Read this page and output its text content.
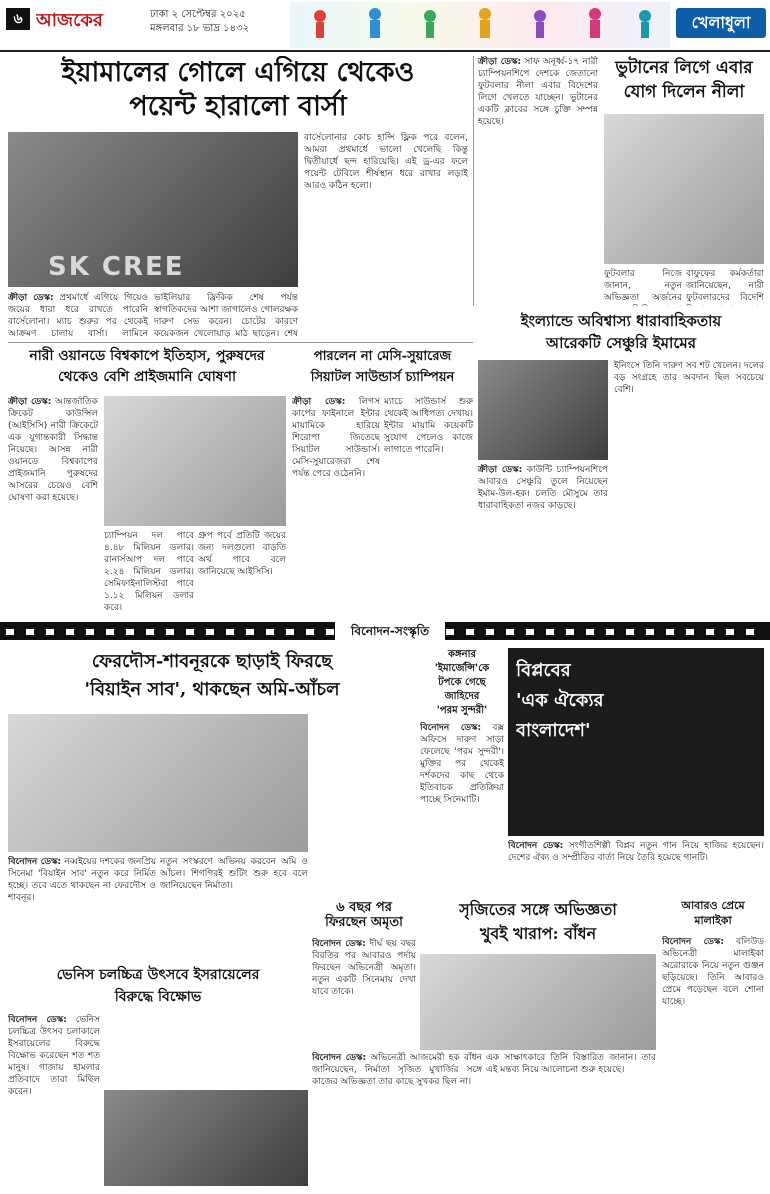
৬ আজকের	ঢাকা ২ সেপ্টেম্বর ২০২৫
মঙ্গলবার ১৮ ভাদ্র ১৪৩২	খেলাধুলা
ইয়ামালের গোলে এগিয়ে থেকেও
পয়েন্ট হারালো বার্সা
SK CREE
ক্রীড়া ডেস্ক: প্রথমার্ধে এগিয়ে গিয়েও জয়ের ধারা ধরে রাখতে পারেনি বার্সেলোনা। ম্যাচ শুরুর পর থেকেই আক্রমণ চালায় বার্সা। লামিনে
ভাইলিয়ার ফ্রিকিক শেষ পর্যন্ত স্বাগতিকদের আশা জাগালেও গোলরক্ষক দারুণ সেভ করেন। চোটের কারণে কয়েকজন খেলোয়াড় মাঠ ছাড়েন। শেষ
বার্সেলোনার কোচ হান্সি ফ্লিক পরে বলেন, আমরা প্রথমার্ধে ভালো খেলেছি কিন্তু দ্বিতীয়ার্ধে ছন্দ হারিয়েছি। এই ড্র-এর ফলে পয়েন্ট টেবিলে শীর্ষস্থান ধরে রাখার লড়াই আরও কঠিন হলো।
ক্রীড়া ডেস্ক: সাফ অনূর্ধ্ব-১৭ নারী চ্যাম্পিয়নশিপে দেশকে জেতানো ফুটবলার নীলা এবার বিদেশের লিগে খেলতে যাচ্ছেন। ভুটানের একটি ক্লাবের সঙ্গে চুক্তি সম্পন্ন হয়েছে।
ভুটানের লিগে এবার
যোগ দিলেন নীলা
ফুটবলার নিজে জানান, নতুন অভিজ্ঞতা অর্জনের
বাফুফের কর্মকর্তারা জানিয়েছেন, নারী ফুটবলারদের বিদেশি
ইংল্যান্ডে অবিশ্বাস্য ধারাবাহিকতায়
আরেকটি সেঞ্চুরি ইমামের
ক্রীড়া ডেস্ক: কাউন্টি চ্যাম্পিয়নশিপে আবারও সেঞ্চুরি তুলে নিয়েছেন ইমাম-উল-হক। চলতি মৌসুমে তার ধারাবাহিকতা নজর কাড়ছে।
ইনিংসে তিনি দারুণ সব শট খেলেন। দলের বড় সংগ্রহে তার অবদান ছিল সবচেয়ে বেশি।
নারী ওয়ানডে বিশ্বকাপে ইতিহাস, পুরুষদের
থেকেও বেশি প্রাইজমানি ঘোষণা
ক্রীড়া ডেস্ক: আন্তর্জাতিক ক্রিকেট কাউন্সিল (আইসিসি) নারী ক্রিকেটে এক যুগান্তকারী সিদ্ধান্ত নিয়েছে। আসন্ন নারী ওয়ানডে বিশ্বকাপের প্রাইজমানি পুরুষদের আসরের চেয়েও বেশি ঘোষণা করা হয়েছে।
চ্যাম্পিয়ন দল পাবে ৪.৪৮ মিলিয়ন ডলার। রানার্সআপ দল পাবে ২.২৪ মিলিয়ন ডলার। সেমিফাইনালিস্টরা পাবে ১.১২ মিলিয়ন ডলার করে।
গ্রুপ পর্বে প্রতিটি জয়ের জন্য দলগুলো বাড়তি অর্থ পাবে বলে জানিয়েছে আইসিসি।
পারলেন না মেসি-সুয়ারেজ
সিয়াটল সাউন্ডার্স চ্যাম্পিয়ন
ক্রীড়া ডেস্ক: লিগস কাপের ফাইনালে ইন্টার মায়ামিকে হারিয়ে শিরোপা জিতেছে সিয়াটল সাউন্ডার্স। মেসি-সুয়ারেজরা শেষ পর্যন্ত পেরে ওঠেননি।
ম্যাচে সাউন্ডার্স শুরু থেকেই আধিপত্য দেখায়। ইন্টার মায়ামি কয়েকটি সুযোগ পেলেও কাজে লাগাতে পারেনি।
বিনোদন-সংস্কৃতি
ফেরদৌস-শাবনূরকে ছাড়াই ফিরছে
'বিয়াইন সাব', থাকছেন অমি-আঁচল
বিনোদন ডেস্ক: নব্বইয়ের দশকের জনপ্রিয় সিনেমা 'বিয়াইন সাব' নতুন করে নির্মিত হচ্ছে। তবে এতে থাকছেন না ফেরদৌস ও শাবনূর।
নতুন সংস্করণে অভিনয় করবেন অমি ও আঁচল। শিগগিরই শুটিং শুরু হবে বলে জানিয়েছেন নির্মাতা।
কঙ্গনার 'ইমার্জেন্সি'কে
টপকে গেছে জাহিদের
'পরম সুন্দরী'
বিনোদন ডেস্ক: বক্স অফিসে দারুণ সাড়া ফেলেছে 'পরম সুন্দরী'। মুক্তির পর থেকেই দর্শকদের কাছ থেকে ইতিবাচক প্রতিক্রিয়া পাচ্ছে সিনেমাটি।
বিপ্লবের
'এক ঐক্যের
বাংলাদেশ'
বিনোদন ডেস্ক: সংগীতশিল্পী বিপ্লব নতুন গান নিয়ে হাজির হয়েছেন। দেশের ঐক্য ও সম্প্রীতির বার্তা নিয়ে তৈরি হয়েছে গানটি।
ভেনিস চলচ্চিত্র উৎসবে ইসরায়েলের
বিরুদ্ধে বিক্ষোভ
বিনোদন ডেস্ক: ভেনিস চলচ্চিত্র উৎসব চলাকালে ইসরায়েলের বিরুদ্ধে বিক্ষোভ করেছেন শত শত মানুষ। গাজায় হামলার প্রতিবাদে তারা মিছিল করেন।
৬ বছর পর
ফিরছেন অমৃতা
বিনোদন ডেস্ক: দীর্ঘ ছয় বছর বিরতির পর আবারও পর্দায় ফিরছেন অভিনেত্রী অমৃতা। নতুন একটি সিনেমায় দেখা যাবে তাকে।
সৃজিতের সঙ্গে অভিজ্ঞতা
খুবই খারাপ: বাঁধন
বিনোদন ডেস্ক: অভিনেত্রী আজমেরী হক বাঁধন জানিয়েছেন, নির্মাতা সৃজিত মুখার্জির সঙ্গে কাজের অভিজ্ঞতা তার কাছে সুখকর ছিল না।
এক সাক্ষাৎকারে তিনি বিস্তারিত জানান। তার এই মন্তব্য নিয়ে আলোচনা শুরু হয়েছে।
আবারও প্রেমে
মালাইকা
বিনোদন ডেস্ক: বলিউড অভিনেত্রী মালাইকা অরোরাকে নিয়ে নতুন গুঞ্জন ছড়িয়েছে। তিনি আবারও প্রেমে পড়েছেন বলে শোনা যাচ্ছে।
